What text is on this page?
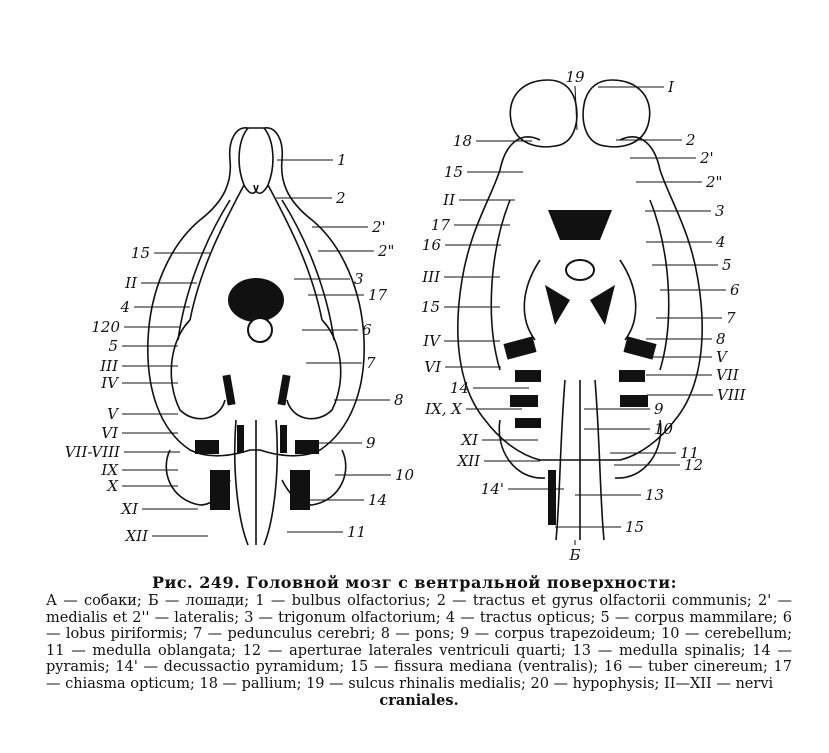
1
2
2'
2"
3
17
6
7
8
9
10
14
11
15
II
4
120
5
III
IV
V
VI
VII-VIII
IX
X
XI
XII
19
Б
I
2
2'
2"
3
4
5
6
7
8
V
VII
VIII
9
10
11
12
13
15
18
15
II
17
16
III
15
IV
VI
14
IX, X
XI
XII
14'
Рис. 249. Головной мозг с вентральной поверхности:

А — собаки; Б — лошади; 1 — bulbus olfactorius; 2 — tractus et gyrus olfactorii communis; 2' — medialis et 2'' — lateralis; 3 — trigonum olfactorium; 4 — tractus opticus; 5 — corpus mammilare; 6 — lobus piriformis; 7 — pedunculus cerebri; 8 — pons; 9 — corpus trapezoideum; 10 — cerebellum; 11 — medulla oblangata; 12 — aperturae laterales ventriculi quarti; 13 — medulla spinalis; 14 — pyramis; 14' — decussactio pyramidum; 15 — fissura mediana (ventralis); 16 — tuber cinereum; 17 — chiasma opticum; 18 — pallium; 19 — sulcus rhinalis medialis; 20 — hypophysis; II—XII — nervi

craniales.
